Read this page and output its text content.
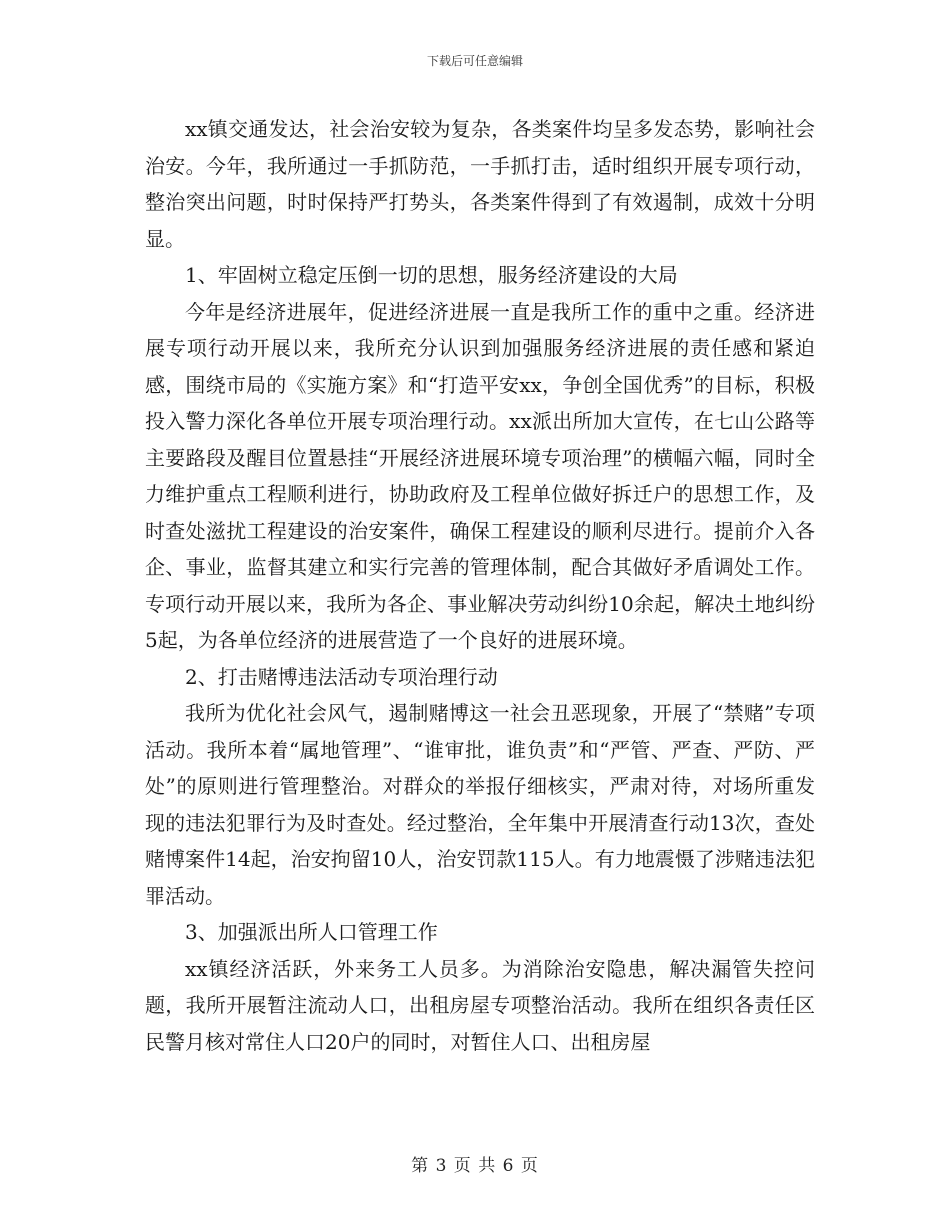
下载后可任意编辑

xx镇交通发达，社会治安较为复杂，各类案件均呈多发态势，影响社会治安。今年，我所通过一手抓防范，一手抓打击，适时组织开展专项行动，整治突出问题，时时保持严打势头，各类案件得到了有效遏制，成效十分明显。

1、牢固树立稳定压倒一切的思想，服务经济建设的大局

今年是经济进展年，促进经济进展一直是我所工作的重中之重。经济进展专项行动开展以来，我所充分认识到加强服务经济进展的责任感和紧迫感，围绕市局的《实施方案》和“打造平安xx，争创全国优秀”的目标，积极投入警力深化各单位开展专项治理行动。xx派出所加大宣传，在七山公路等主要路段及醒目位置悬挂“开展经济进展环境专项治理”的横幅六幅，同时全力维护重点工程顺利进行，协助政府及工程单位做好拆迁户的思想工作，及时查处滋扰工程建设的治安案件，确保工程建设的顺利尽进行。提前介入各企、事业，监督其建立和实行完善的管理体制，配合其做好矛盾调处工作。专项行动开展以来，我所为各企、事业解决劳动纠纷10余起，解决土地纠纷5起，为各单位经济的进展营造了一个良好的进展环境。

2、打击赌博违法活动专项治理行动

我所为优化社会风气，遏制赌博这一社会丑恶现象，开展了“禁赌”专项活动。我所本着“属地管理”、“谁审批，谁负责”和“严管、严查、严防、严处”的原则进行管理整治。对群众的举报仔细核实，严肃对待，对场所重发现的违法犯罪行为及时查处。经过整治，全年集中开展清查行动13次，查处赌博案件14起，治安拘留10人，治安罚款115人。有力地震慑了涉赌违法犯罪活动。

3、加强派出所人口管理工作

xx镇经济活跃，外来务工人员多。为消除治安隐患，解决漏管失控问题，我所开展暂注流动人口，出租房屋专项整治活动。我所在组织各责任区民警月核对常住人口20户的同时，对暂住人口、出租房屋

第 3 页 共 6 页
